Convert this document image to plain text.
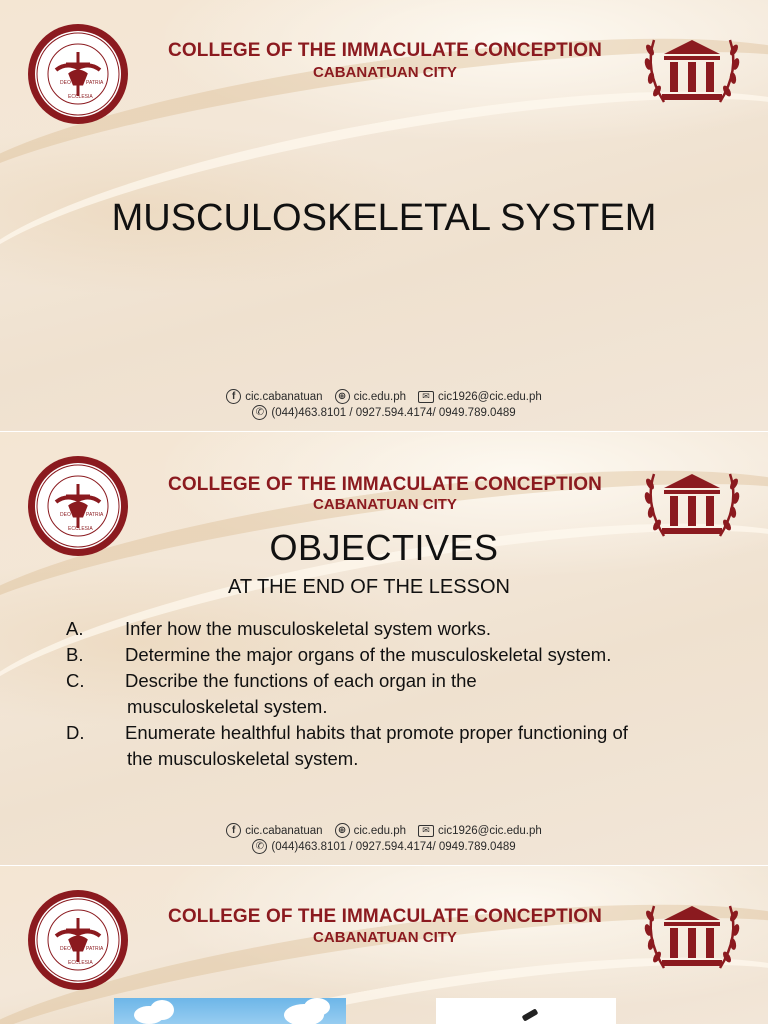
DEO	PATRIA
ECCLESIA
COLLEGE OF THE IMMACULATE CONCEPTION
CABANATUAN CITY
MUSCULOSKELETAL SYSTEM
f cic.cabanatuan	⊕ cic.edu.ph	✉ cic1926@cic.edu.ph
✆ (044)463.8101 / 0927.594.4174/ 0949.789.0489
DEO	PATRIA
ECCLESIA
COLLEGE OF THE IMMACULATE CONCEPTION
CABANATUAN CITY
OBJECTIVES
AT THE END OF THE LESSON
A.	Infer how the musculoskeletal system works.
B.	Determine the major organs of the musculoskeletal system.
C.	Describe the functions of each organ in the
musculoskeletal system.
D.	Enumerate healthful habits that promote proper functioning of
the musculoskeletal system.
f cic.cabanatuan	⊕ cic.edu.ph	✉ cic1926@cic.edu.ph
✆ (044)463.8101 / 0927.594.4174/ 0949.789.0489
DEO	PATRIA
ECCLESIA
COLLEGE OF THE IMMACULATE CONCEPTION
CABANATUAN CITY
